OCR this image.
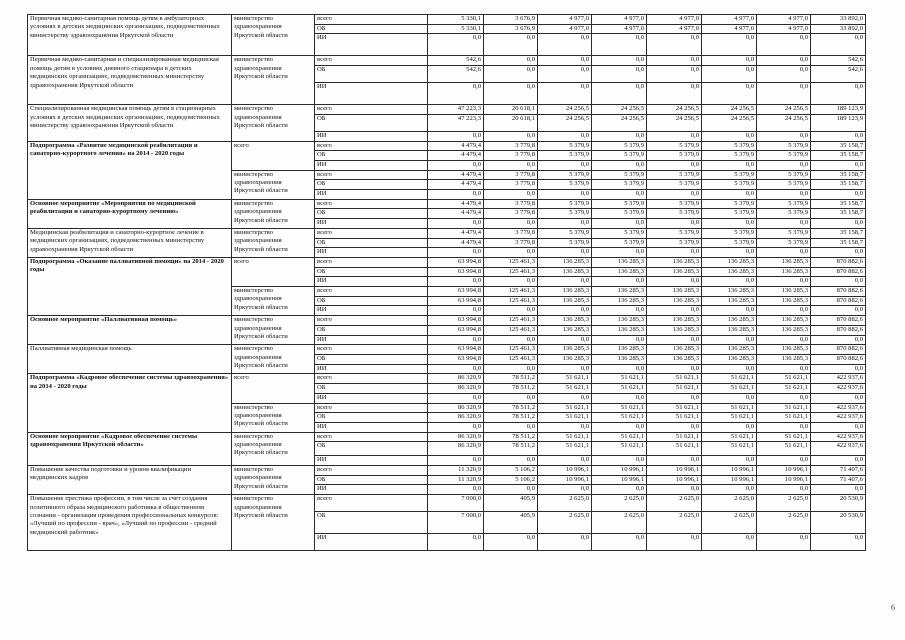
Первичная медико-санитарная помощь детям в амбулаторных условиях в детских медицинских организациях, подведомственных министерству здравоохранения Иркутской области	министерство здравоохранения Иркутской области	всего	5 330,1	3 676,9	4 977,0	4 977,0	4 977,0	4 977,0	4 977,0	33 892,0
		ОБ	5 330,1	3 676,9	4 977,0	4 977,0	4 977,0	4 977,0	4 977,0	33 892,0
		ИИ	0,0	0,0	0,0	0,0	0,0	0,0	0,0	0,0
Первичная медико-санитарная и специализированная медицинская помощь детям в условиях дневного стационара в детских медицинских организациях, подведомственных министерству здравоохранения Иркутской области	министерство здравоохранения Иркутской области	всего	542,6	0,0	0,0	0,0	0,0	0,0	0,0	542,6
		ОБ	542,6	0,0	0,0	0,0	0,0	0,0	0,0	542,6
		ИИ	0,0	0,0	0,0	0,0	0,0	0,0	0,0	0,0
Специализированная медицинская помощь детям в стационарных условиях в детских медицинских организациях, подведомственных министерству здравоохранения Иркутской области	министерство здравоохранения Иркутской области	всего	47 223,3	20 618,1	24 256,5	24 256,5	24 256,5	24 256,5	24 256,5	189 123,9
		ОБ	47 223,3	20 618,1	24 256,5	24 256,5	24 256,5	24 256,5	24 256,5	189 123,9
		ИИ	0,0	0,0	0,0	0,0	0,0	0,0	0,0	0,0
Подпрограмма «Развитие медицинской реабилитации и санаторно-курортного лечения» на 2014 - 2020 годы	всего	всего	4 479,4	3 779,8	5 379,9	5 379,9	5 379,9	5 379,9	5 379,9	35 158,7
		ОБ	4 479,4	3 779,8	5 379,9	5 379,9	5 379,9	5 379,9	5 379,9	35 158,7
		ИИ	0,0	0,0	0,0	0,0	0,0	0,0	0,0	0,0
	министерство здравоохранения Иркутской области	всего	4 479,4	3 779,8	5 379,9	5 379,9	5 379,9	5 379,9	5 379,9	35 158,7
		ОБ	4 479,4	3 779,8	5 379,9	5 379,9	5 379,9	5 379,9	5 379,9	35 158,7
		ИИ	0,0	0,0	0,0	0,0	0,0	0,0	0,0	0,0
Основное мероприятие «Мероприятия по медицинской реабилитации и санаторно-курортному лечению»	министерство здравоохранения Иркутской области	всего	4 479,4	3 779,8	5 379,9	5 379,9	5 379,9	5 379,9	5 379,9	35 158,7
		ОБ	4 479,4	3 779,8	5 379,9	5 379,9	5 379,9	5 379,9	5 379,9	35 158,7
		ИИ	0,0	0,0	0,0	0,0	0,0	0,0	0,0	0,0
Медицинская реабилитация и санаторно-курортное лечение в медицинских организациях, подведомственных министерству здравоохранения Иркутской области	министерство здравоохранения Иркутской области	всего	4 479,4	3 779,8	5 379,9	5 379,9	5 379,9	5 379,9	5 379,9	35 158,7
		ОБ	4 479,4	3 779,8	5 379,9	5 379,9	5 379,9	5 379,9	5 379,9	35 158,7
		ИИ	0,0	0,0	0,0	0,0	0,0	0,0	0,0	0,0
Подпрограмма «Оказание паллиативной помощи» на 2014 - 2020 годы	всего	всего	63 994,8	125 461,3	136 285,3	136 285,3	136 285,3	136 285,3	136 285,3	870 882,6
		ОБ	63 994,8	125 461,3	136 285,3	136 285,3	136 285,3	136 285,3	136 285,3	870 882,6
		ИИ	0,0	0,0	0,0	0,0	0,0	0,0	0,0	0,0
	министерство здравоохранения Иркутской области	всего	63 994,8	125 461,3	136 285,3	136 285,3	136 285,3	136 285,3	136 285,3	870 882,6
		ОБ	63 994,8	125 461,3	136 285,3	136 285,3	136 285,3	136 285,3	136 285,3	870 882,6
		ИИ	0,0	0,0	0,0	0,0	0,0	0,0	0,0	0,0
Основное мероприятие «Паллиативная помощь»	министерство здравоохранения Иркутской области	всего	63 994,8	125 461,3	136 285,3	136 285,3	136 285,3	136 285,3	136 285,3	870 882,6
		ОБ	63 994,8	125 461,3	136 285,3	136 285,3	136 285,3	136 285,3	136 285,3	870 882,6
		ИИ	0,0	0,0	0,0	0,0	0,0	0,0	0,0	0,0
Паллиативная медицинская помощь	министерство здравоохранения Иркутской области	всего	63 994,8	125 461,3	136 285,3	136 285,3	136 285,3	136 285,3	136 285,3	870 882,6
		ОБ	63 994,8	125 461,3	136 285,3	136 285,3	136 285,3	136 285,3	136 285,3	870 882,6
		ИИ	0,0	0,0	0,0	0,0	0,0	0,0	0,0	0,0
Подпрограмма «Кадровое обеспечение системы здравоохранения» на 2014 - 2020 годы	всего	всего	86 320,9	78 511,2	51 621,1	51 621,1	51 621,1	51 621,1	51 621,1	422 937,6
		ОБ	86 320,9	78 511,2	51 621,1	51 621,1	51 621,1	51 621,1	51 621,1	422 937,6
		ИИ	0,0	0,0	0,0	0,0	0,0	0,0	0,0	0,0
	министерство здравоохранения Иркутской области	всего	86 320,9	78 511,2	51 621,1	51 621,1	51 621,1	51 621,1	51 621,1	422 937,6
		ОБ	86 320,9	78 511,2	51 621,1	51 621,1	51 621,1	51 621,1	51 621,1	422 937,6
		ИИ	0,0	0,0	0,0	0,0	0,0	0,0	0,0	0,0
Основное мероприятие «Кадровое обеспечение системы здравоохранения Иркутской области»	министерство здравоохранения Иркутской области	всего	86 320,9	78 511,2	51 621,1	51 621,1	51 621,1	51 621,1	51 621,1	422 937,6
		ОБ	86 320,9	78 511,2	51 621,1	51 621,1	51 621,1	51 621,1	51 621,1	422 937,6
		ИИ	0,0	0,0	0,0	0,0	0,0	0,0	0,0	0,0
Повышение качества подготовки и уровня квалификации медицинских кадров	министерство здравоохранения Иркутской области	всего	11 320,9	5 106,2	10 996,1	10 996,1	10 996,1	10 996,1	10 996,1	71 407,6
		ОБ	11 320,9	5 106,2	10 996,1	10 996,1	10 996,1	10 996,1	10 996,1	71 407,6
		ИИ	0,0	0,0	0,0	0,0	0,0	0,0	0,0	0,0
Повышение престижа профессии, в том числе за счет создания позитивного образа медицинского работника в общественном сознании - организация проведения профессиональных конкурсов: «Лучший по профессии - врач», «Лучший по профессии - средний медицинский работник»	министерство здравоохранения Иркутской области	всего	7 000,0	405,9	2 625,0	2 625,0	2 625,0	2 625,0	2 625,0	20 530,9
		ОБ	7 000,0	405,9	2 625,0	2 625,0	2 625,0	2 625,0	2 625,0	20 530,9
		ИИ	0,0	0,0	0,0	0,0	0,0	0,0	0,0	0,0
6
